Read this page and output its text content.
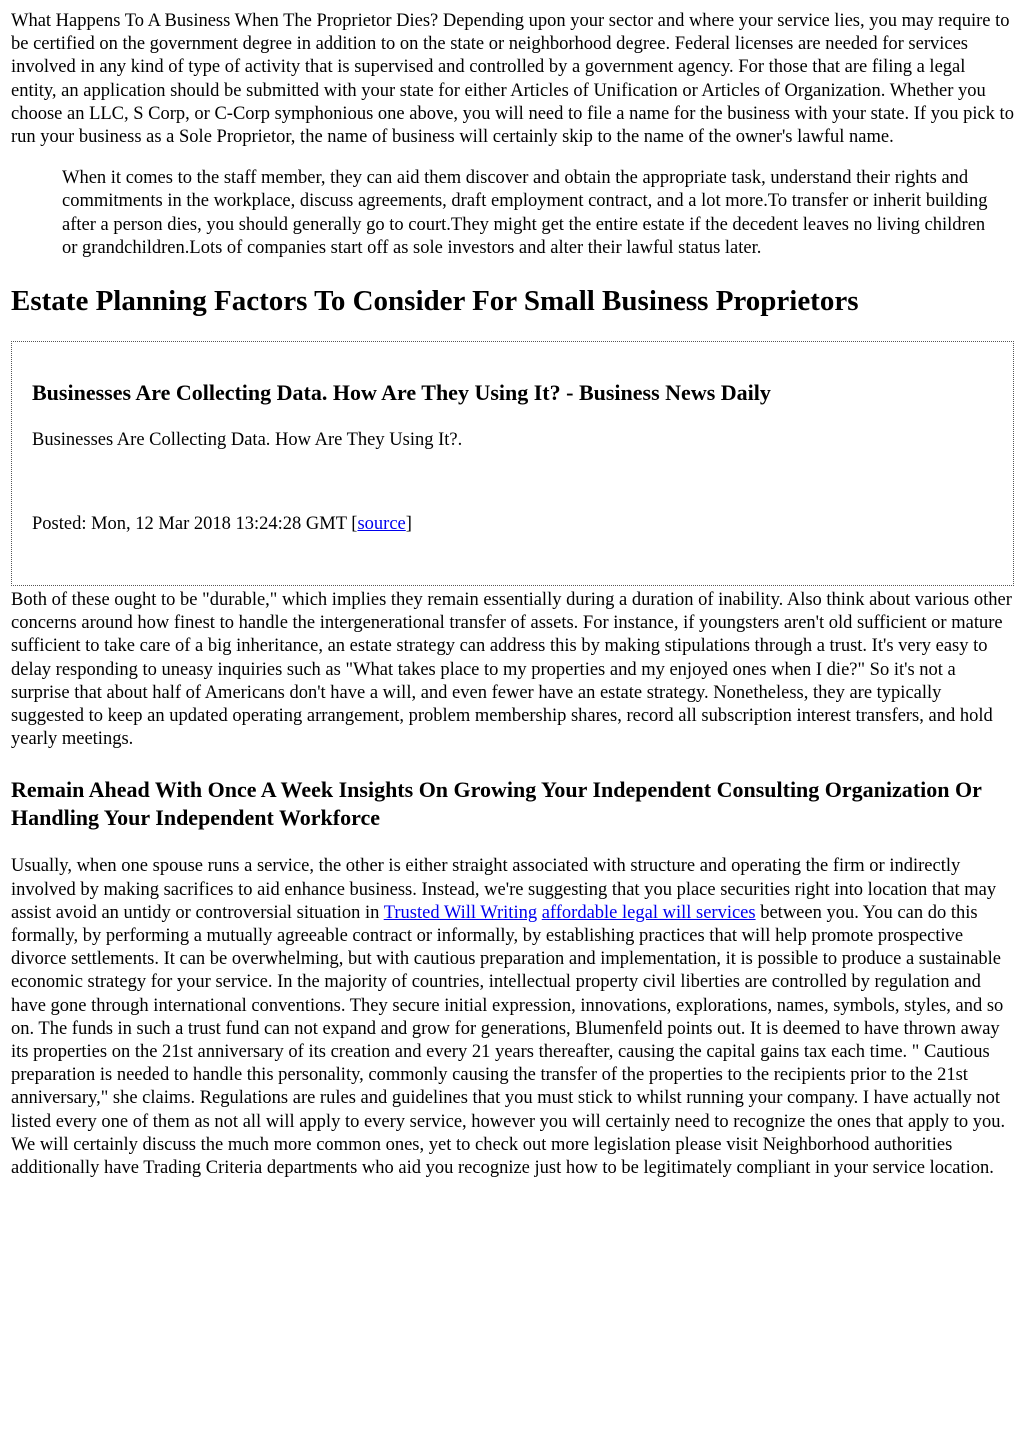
What Happens To A Business When The Proprietor Dies? Depending upon your sector and where your service lies, you may require to be certified on the government degree in addition to on the state or neighborhood degree. Federal licenses are needed for services involved in any kind of type of activity that is supervised and controlled by a government agency. For those that are filing a legal entity, an application should be submitted with your state for either Articles of Unification or Articles of Organization. Whether you choose an LLC, S Corp, or C-Corp symphonious one above, you will need to file a name for the business with your state. If you pick to run your business as a Sole Proprietor, the name of business will certainly skip to the name of the owner's lawful name.

When it comes to the staff member, they can aid them discover and obtain the appropriate task, understand their rights and commitments in the workplace, discuss agreements, draft employment contract, and a lot more.To transfer or inherit building after a person dies, you should generally go to court.They might get the entire estate if the decedent leaves no living children or grandchildren.Lots of companies start off as sole investors and alter their lawful status later.

Estate Planning Factors To Consider For Small Business Proprietors
Businesses Are Collecting Data. How Are They Using It? - Business News Daily

Businesses Are Collecting Data. How Are They Using It?.

Posted: Mon, 12 Mar 2018 13:24:28 GMT [source]

Both of these ought to be "durable," which implies they remain essentially during a duration of inability. Also think about various other concerns around how finest to handle the intergenerational transfer of assets. For instance, if youngsters aren't old sufficient or mature sufficient to take care of a big inheritance, an estate strategy can address this by making stipulations through a trust. It's very easy to delay responding to uneasy inquiries such as "What takes place to my properties and my enjoyed ones when I die?" So it's not a surprise that about half of Americans don't have a will, and even fewer have an estate strategy. Nonetheless, they are typically suggested to keep an updated operating arrangement, problem membership shares, record all subscription interest transfers, and hold yearly meetings.

Remain Ahead With Once A Week Insights On Growing Your Independent Consulting Organization Or Handling Your Independent Workforce

Usually, when one spouse runs a service, the other is either straight associated with structure and operating the firm or indirectly involved by making sacrifices to aid enhance business. Instead, we're suggesting that you place securities right into location that may assist avoid an untidy or controversial situation in Trusted Will Writing affordable legal will services between you. You can do this formally, by performing a mutually agreeable contract or informally, by establishing practices that will help promote prospective divorce settlements. It can be overwhelming, but with cautious preparation and implementation, it is possible to produce a sustainable economic strategy for your service. In the majority of countries, intellectual property civil liberties are controlled by regulation and have gone through international conventions. They secure initial expression, innovations, explorations, names, symbols, styles, and so on. The funds in such a trust fund can not expand and grow for generations, Blumenfeld points out. It is deemed to have thrown away its properties on the 21st anniversary of its creation and every 21 years thereafter, causing the capital gains tax each time. " Cautious preparation is needed to handle this personality, commonly causing the transfer of the properties to the recipients prior to the 21st anniversary," she claims. Regulations are rules and guidelines that you must stick to whilst running your company. I have actually not listed every one of them as not all will apply to every service, however you will certainly need to recognize the ones that apply to you. We will certainly discuss the much more common ones, yet to check out more legislation please visit Neighborhood authorities additionally have Trading Criteria departments who aid you recognize just how to be legitimately compliant in your service location.
